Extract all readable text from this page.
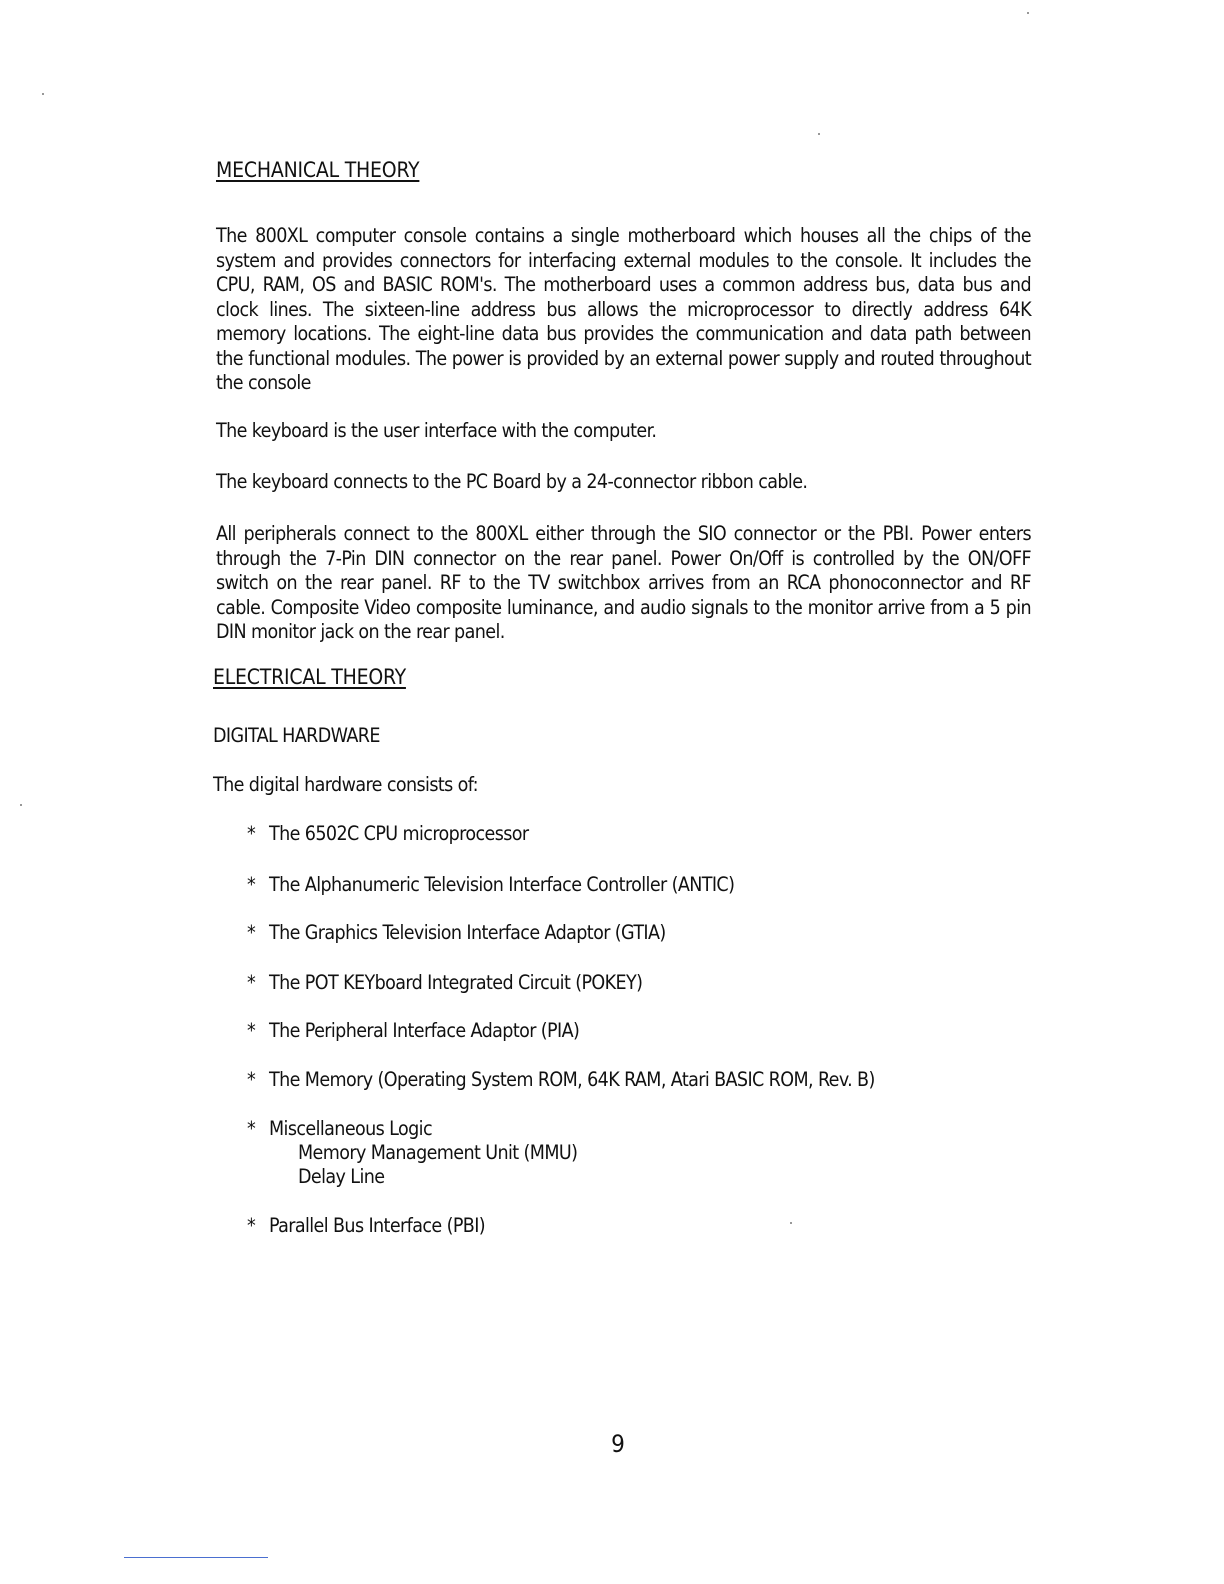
MECHANICAL THEORY
The 800XL computer console contains a single motherboard which houses all the chips of the system and provides connectors for interfacing external modules to the console. It includes the CPU, RAM, OS and BASIC ROM's. The motherboard uses a common address bus, data bus and clock lines. The sixteen-line address bus allows the microprocessor to directly address 64K memory locations. The eight-line data bus provides the communication and data path between the functional modules. The power is provided by an external power supply and routed throughout the console
The keyboard is the user interface with the computer.
The keyboard connects to the PC Board by a 24-connector ribbon cable.
All peripherals connect to the 800XL either through the SIO connector or the PBI. Power enters through the 7-Pin DIN connector on the rear panel. Power On/Off is controlled by the ON/OFF switch on the rear panel. RF to the TV switchbox arrives from an RCA phonoconnector and RF cable. Composite Video composite luminance, and audio signals to the monitor arrive from a 5 pin DIN monitor jack on the rear panel.
ELECTRICAL THEORY
DIGITAL HARDWARE
The digital hardware consists of:
* The 6502C CPU microprocessor
* The Alphanumeric Television Interface Controller (ANTIC)
* The Graphics Television Interface Adaptor (GTIA)
* The POT KEYboard Integrated Circuit (POKEY)
* The Peripheral Interface Adaptor (PIA)
* The Memory (Operating System ROM, 64K RAM, Atari BASIC ROM, Rev. B)
* Miscellaneous Logic
Memory Management Unit (MMU)
Delay Line
* Parallel Bus Interface (PBI)
9
